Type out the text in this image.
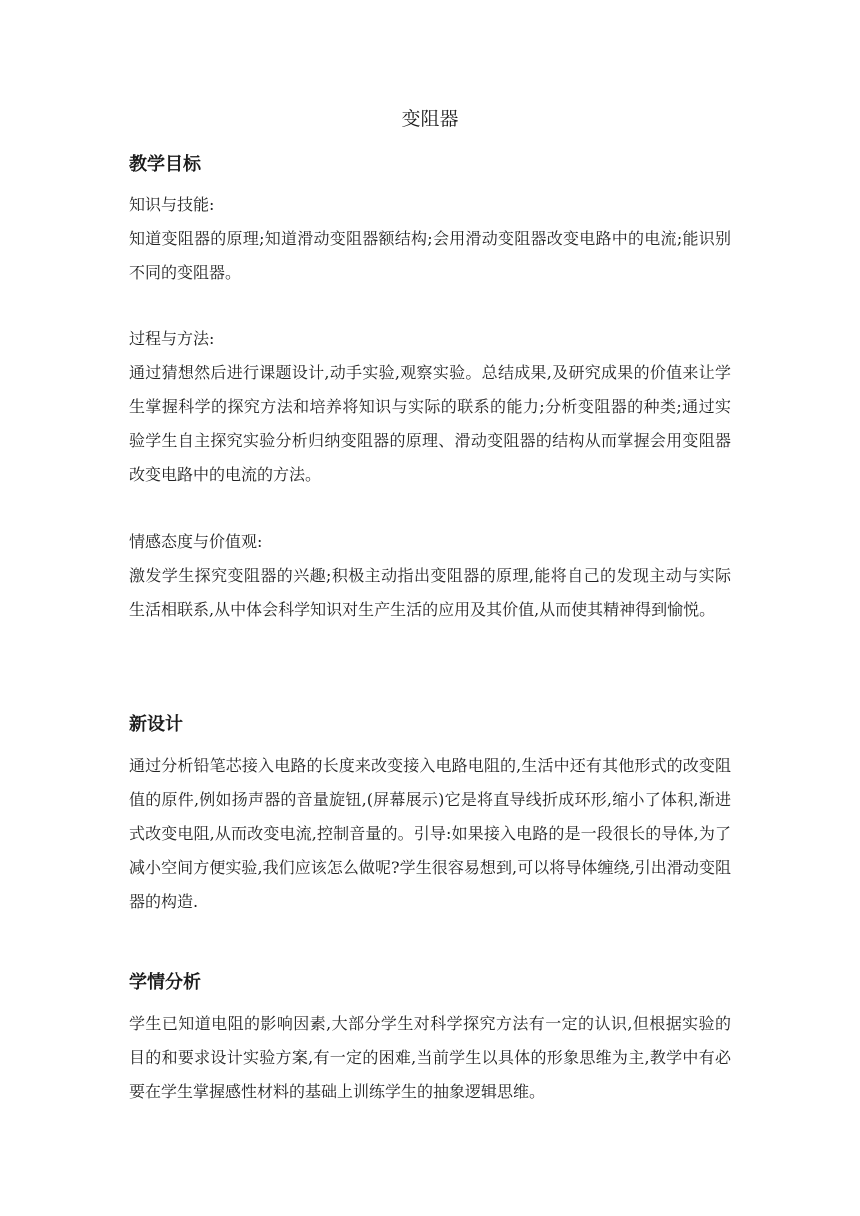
变阻器
教学目标
知识与技能:
知道变阻器的原理;知道滑动变阻器额结构;会用滑动变阻器改变电路中的电流;能识别不同的变阻器。
过程与方法:
通过猜想然后进行课题设计,动手实验,观察实验。总结成果,及研究成果的价值来让学生掌握科学的探究方法和培养将知识与实际的联系的能力;分析变阻器的种类;通过实验学生自主探究实验分析归纳变阻器的原理、滑动变阻器的结构从而掌握会用变阻器改变电路中的电流的方法。
情感态度与价值观:
激发学生探究变阻器的兴趣;积极主动指出变阻器的原理,能将自己的发现主动与实际生活相联系,从中体会科学知识对生产生活的应用及其价值,从而使其精神得到愉悦。
新设计
通过分析铅笔芯接入电路的长度来改变接入电路电阻的,生活中还有其他形式的改变阻值的原件,例如扬声器的音量旋钮,(屏幕展示)它是将直导线折成环形,缩小了体积,渐进式改变电阻,从而改变电流,控制音量的。引导:如果接入电路的是一段很长的导体,为了减小空间方便实验,我们应该怎么做呢?学生很容易想到,可以将导体缠绕,引出滑动变阻器的构造.
学情分析
学生已知道电阻的影响因素,大部分学生对科学探究方法有一定的认识,但根据实验的目的和要求设计实验方案,有一定的困难,当前学生以具体的形象思维为主,教学中有必要在学生掌握感性材料的基础上训练学生的抽象逻辑思维。
